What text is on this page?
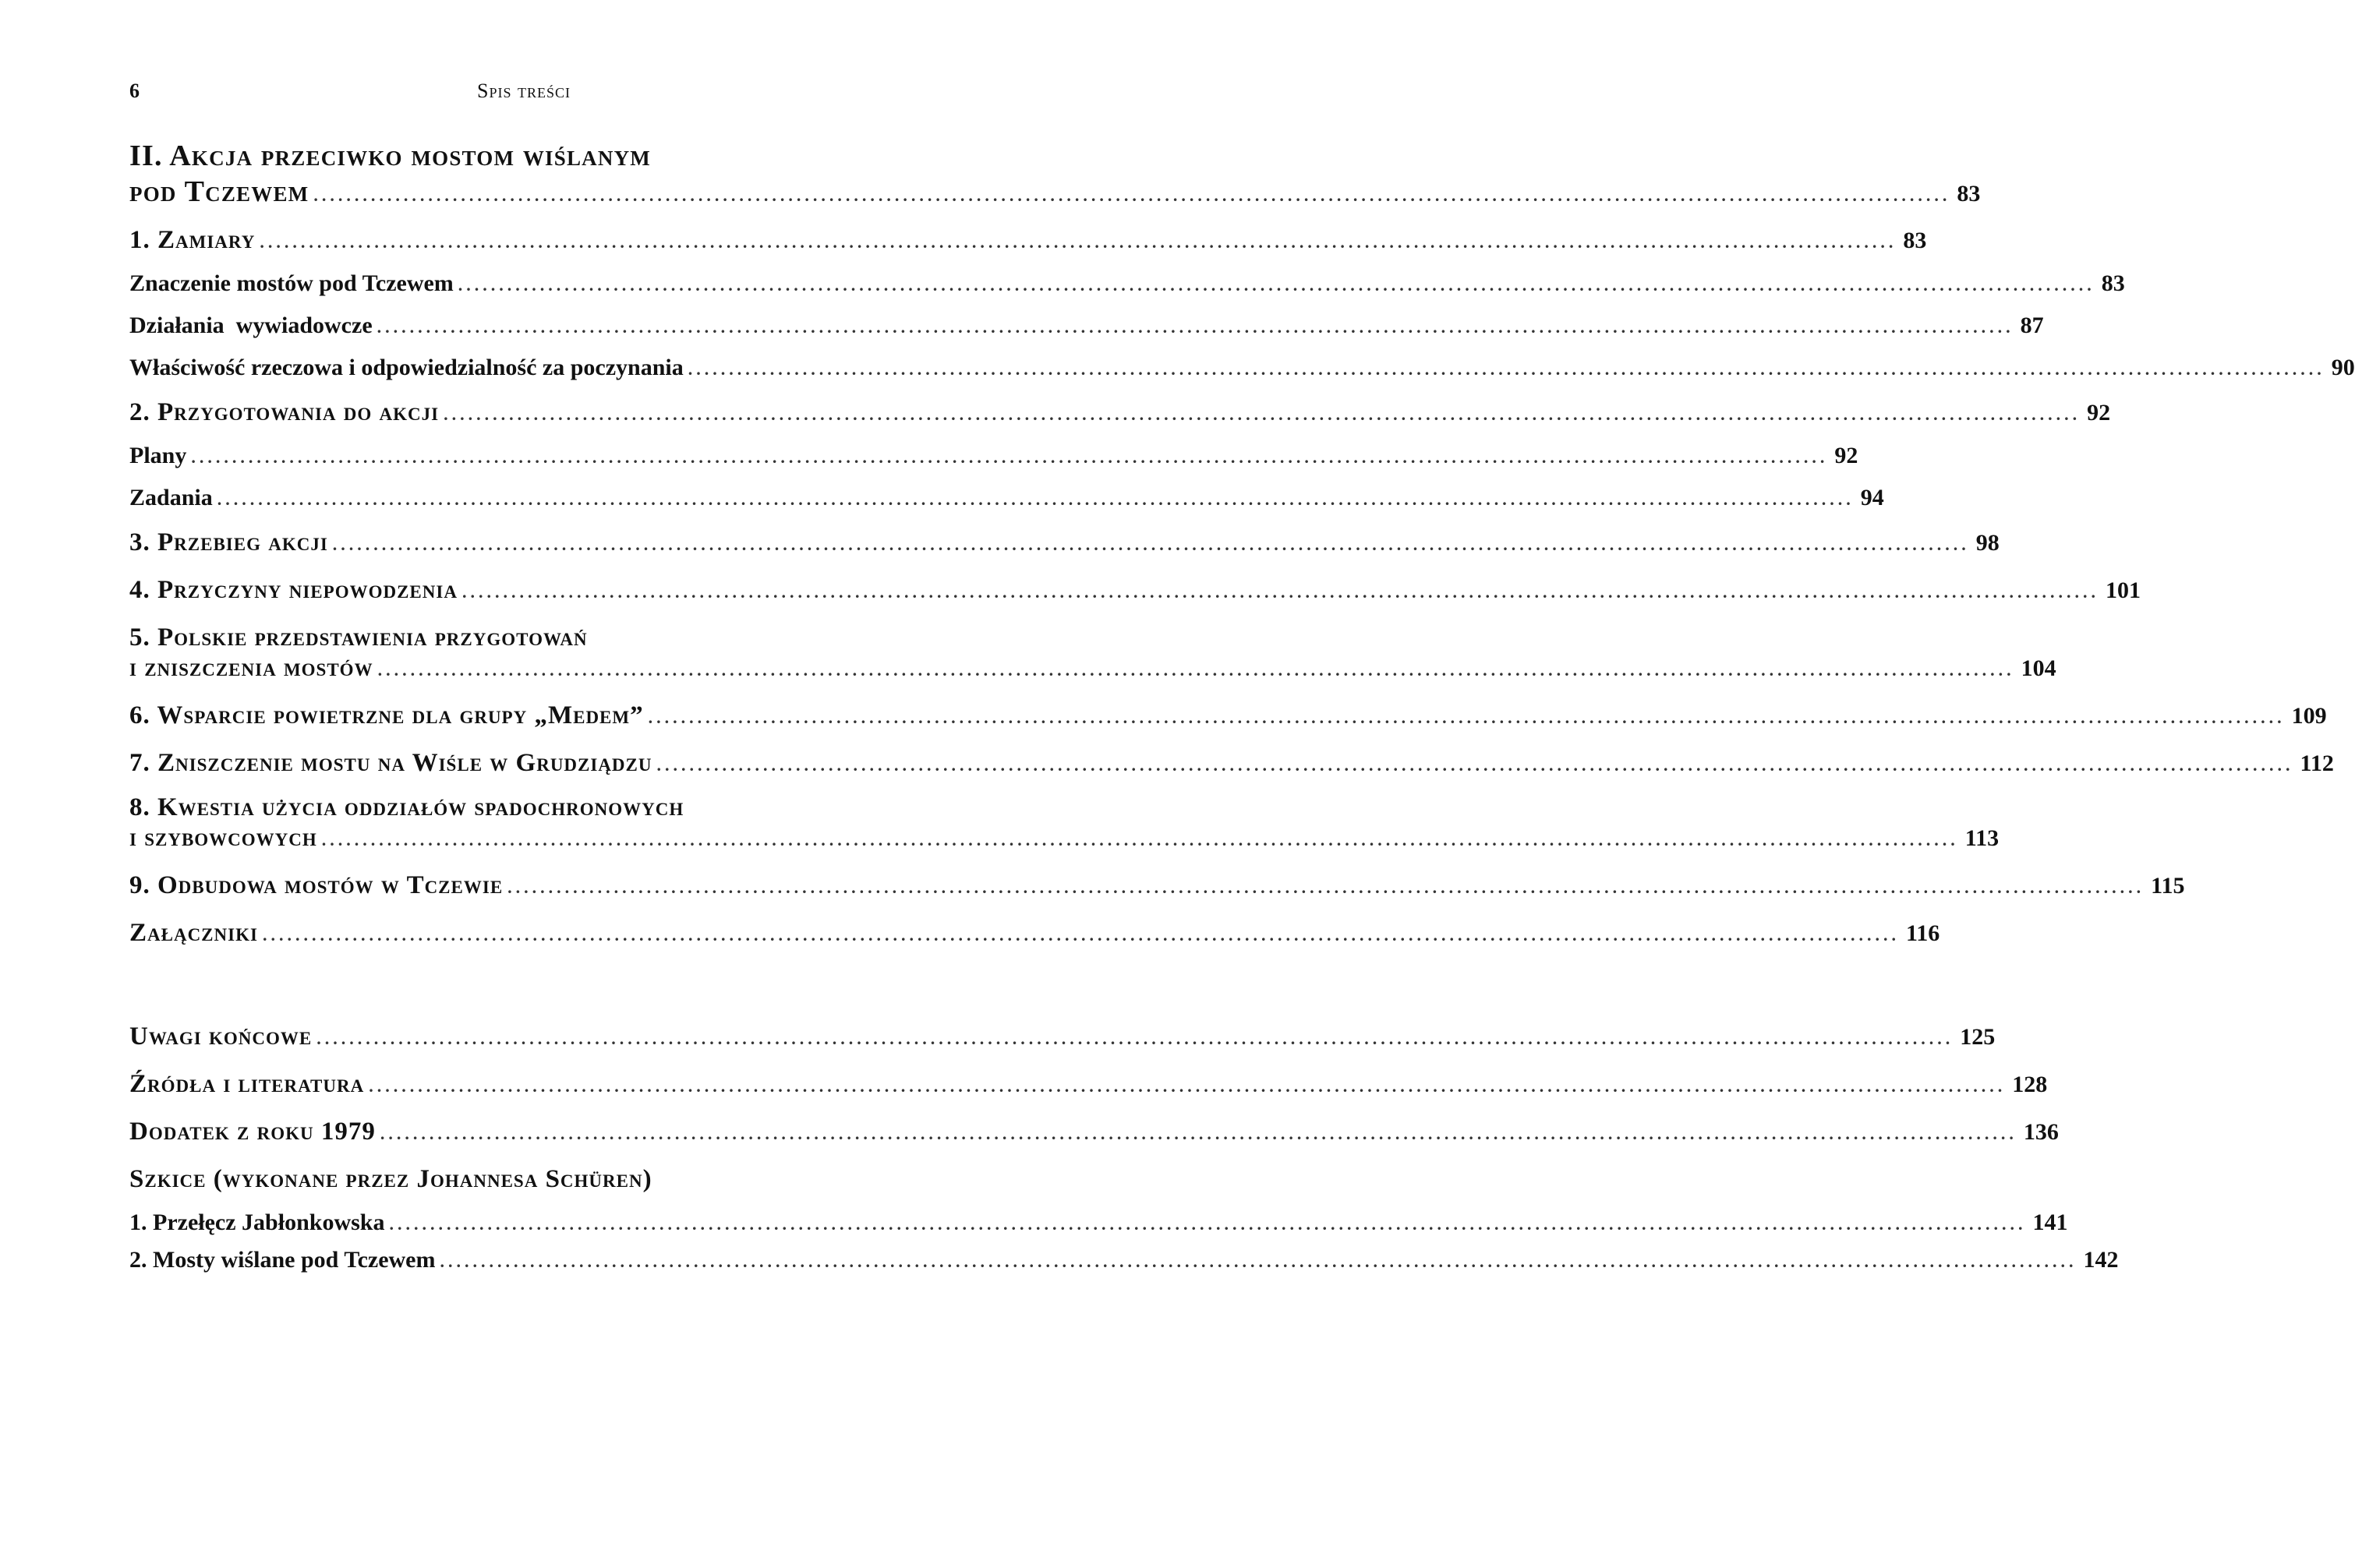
6	Spis treści
II. Akcja przeciwko mostom wiślanym
pod Tczewem ........................................................................................................................................................................................................ 83
1. Zamiary ........................................................................................................................................................................................................ 83
Znaczenie mostów pod Tczewem ........................................................................................................................................................................................................ 83
Działania  wywiadowcze ........................................................................................................................................................................................................ 87
Właściwość rzeczowa i odpowiedzialność za poczynania ........................................................................................................................................................................................................ 90
2. Przygotowania do akcji ........................................................................................................................................................................................................ 92
Plany ........................................................................................................................................................................................................ 92
Zadania ........................................................................................................................................................................................................ 94
3. Przebieg akcji ........................................................................................................................................................................................................ 98
4. Przyczyny niepowodzenia ........................................................................................................................................................................................................ 101
5. Polskie przedstawienia przygotowań
i zniszczenia mostów ........................................................................................................................................................................................................ 104
6. Wsparcie powietrzne dla grupy „Medem” ........................................................................................................................................................................................................ 109
7. Zniszczenie mostu na Wiśle w Grudziądzu ........................................................................................................................................................................................................ 112
8. Kwestia użycia oddziałów spadochronowych
i szybowcowych ........................................................................................................................................................................................................ 113
9. Odbudowa mostów w Tczewie ........................................................................................................................................................................................................ 115
Załączniki ........................................................................................................................................................................................................ 116
Uwagi końcowe ........................................................................................................................................................................................................ 125
Źródła i literatura ........................................................................................................................................................................................................ 128
Dodatek z roku 1979 ........................................................................................................................................................................................................ 136
Szkice (wykonane przez Johannesa Schüren)
1. Przełęcz Jabłonkowska ........................................................................................................................................................................................................ 141
2. Mosty wiślane pod Tczewem ........................................................................................................................................................................................................ 142
